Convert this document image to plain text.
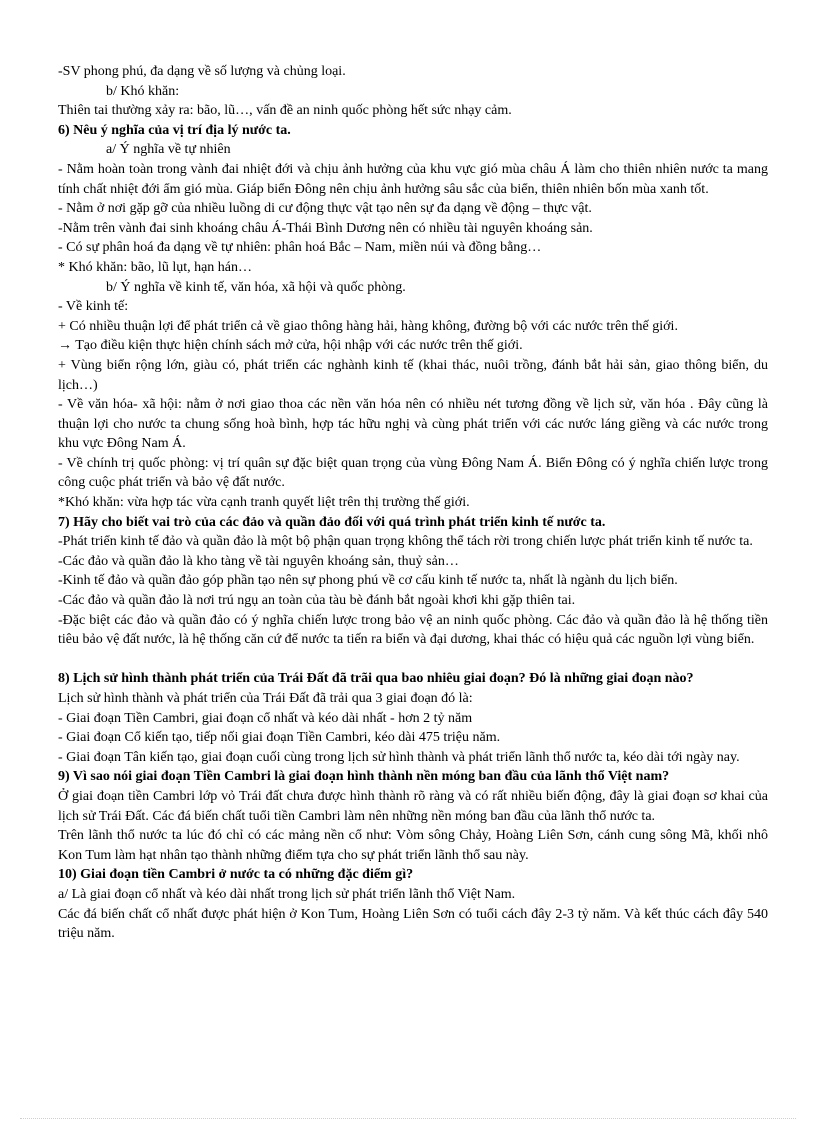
-SV phong phú, đa dạng về số lượng và chủng loại.

b/ Khó khăn:

Thiên tai thường xảy ra: bão, lũ…, vấn đề an ninh quốc phòng hết sức nhạy cảm.

6) Nêu ý nghĩa của vị trí địa lý nước ta.

a/ Ý nghĩa về tự nhiên

- Nằm hoàn toàn trong vành đai nhiệt đới và chịu ảnh hưởng của khu vực gió mùa châu Á làm cho thiên nhiên nước ta mang tính chất nhiệt đới ẩm gió mùa. Giáp biển Đông nên chịu ảnh hưởng sâu sắc của biển, thiên nhiên bốn mùa xanh tốt.

- Nằm ở nơi gặp gỡ của nhiều luồng di cư động thực vật tạo nên sự đa dạng về động – thực vật.

-Nằm trên vành đai sinh khoáng châu Á-Thái Bình Dương nên có nhiều tài nguyên khoáng sản.

- Có sự phân hoá đa dạng về tự nhiên: phân hoá Bắc – Nam, miền núi và đồng bằng…

* Khó khăn: bão, lũ lụt, hạn hán…

b/ Ý nghĩa về kinh tế, văn hóa, xã hội và quốc phòng.

- Về kinh tế:

+ Có nhiều thuận lợi để phát triển cả về giao thông hàng hải, hàng không, đường bộ với các nước trên thế giới.

→ Tạo điều kiện thực hiện chính sách mở cửa, hội nhập với các nước trên thế giới.

+ Vùng biển rộng lớn, giàu có, phát triển các nghành kinh tế (khai thác, nuôi trồng, đánh bắt hải sản, giao thông biển, du lịch…)

- Về văn hóa- xã hội: nằm ở nơi giao thoa các nền văn hóa nên có nhiều nét tương đồng về lịch sử, văn hóa . Đây cũng là thuận lợi cho nước ta chung sống hoà bình, hợp tác hữu nghị và cùng phát triển với các nước láng giềng và các nước trong khu vực Đông Nam Á.

- Về chính trị quốc phòng: vị trí quân sự đặc biệt quan trọng của vùng Đông Nam Á. Biển Đông có ý nghĩa chiến lược trong công cuộc phát triển và bảo vệ đất nước.

*Khó khăn: vừa hợp tác vừa cạnh tranh quyết liệt trên thị trường thế giới.

7) Hãy cho biết vai trò của các đảo và quần đảo đối với quá trình phát triển kinh tế nước ta.

-Phát triển kinh tế đảo và quần đảo là một bộ phận quan trọng không thể tách rời trong chiến lược phát triển kinh tế nước ta.

-Các đảo và quần đảo là kho tàng về tài nguyên khoáng sản, thuỷ sản…

-Kinh tế đảo và quần đảo góp phần tạo nên sự phong phú về cơ cấu kinh tế nước ta, nhất là ngành du lịch biển.

-Các đảo và quần đảo là nơi trú ngụ an toàn của tàu bè đánh bắt ngoài khơi khi gặp thiên tai.

-Đặc biệt các đảo và quần đảo có ý nghĩa chiến lược trong bảo vệ an ninh quốc phòng. Các đảo và quần đảo là hệ thống tiền tiêu bảo vệ đất nước, là hệ thống căn cứ để nước ta tiến ra biển và đại dương, khai thác có hiệu quả các nguồn lợi vùng biển.

8) Lịch sử hình thành phát triển của Trái Đất đã trãi qua bao nhiêu giai đoạn? Đó là những giai đoạn nào?

Lịch sử hình thành và phát triển của Trái Đất đã trải qua 3 giai đoạn đó là:

- Giai đoạn Tiền Cambri, giai đoạn cổ nhất và kéo dài nhất - hơn 2 tỷ năm

- Giai đoạn Cổ kiến tạo, tiếp nối giai đoạn Tiền Cambri, kéo dài 475 triệu năm.

- Giai đoạn Tân kiến tạo, giai đoạn cuối cùng trong lịch sử hình thành và phát triển lãnh thổ nước ta, kéo dài tới ngày nay.

9) Vì sao nói giai đoạn Tiền Cambri là giai đoạn hình thành nền móng ban đầu của lãnh thổ Việt nam?

Ở giai đoạn tiền Cambri lớp vỏ Trái đất chưa được hình thành rõ ràng và có rất nhiều biến động, đây là giai đoạn sơ khai của lịch sử Trái Đất. Các đá biến chất tuổi tiền Cambri làm nên những nền móng ban đầu của lãnh thổ nước ta.

Trên lãnh thổ nước ta lúc đó chỉ có các mảng nền cổ như: Vòm sông Chảy, Hoàng Liên Sơn, cánh cung sông Mã, khối nhô Kon Tum làm hạt nhân tạo thành những điểm tựa cho sự phát triển lãnh thổ sau này.

10) Giai đoạn tiền Cambri ở nước ta có những đặc điểm gì?

a/ Là giai đoạn cổ nhất và kéo dài nhất trong lịch sử phát triển lãnh thổ Việt Nam.

Các đá biến chất cổ nhất được phát hiện ở Kon Tum, Hoàng Liên Sơn có tuổi cách đây 2-3 tỷ năm. Và kết thúc cách đây 540 triệu năm.
